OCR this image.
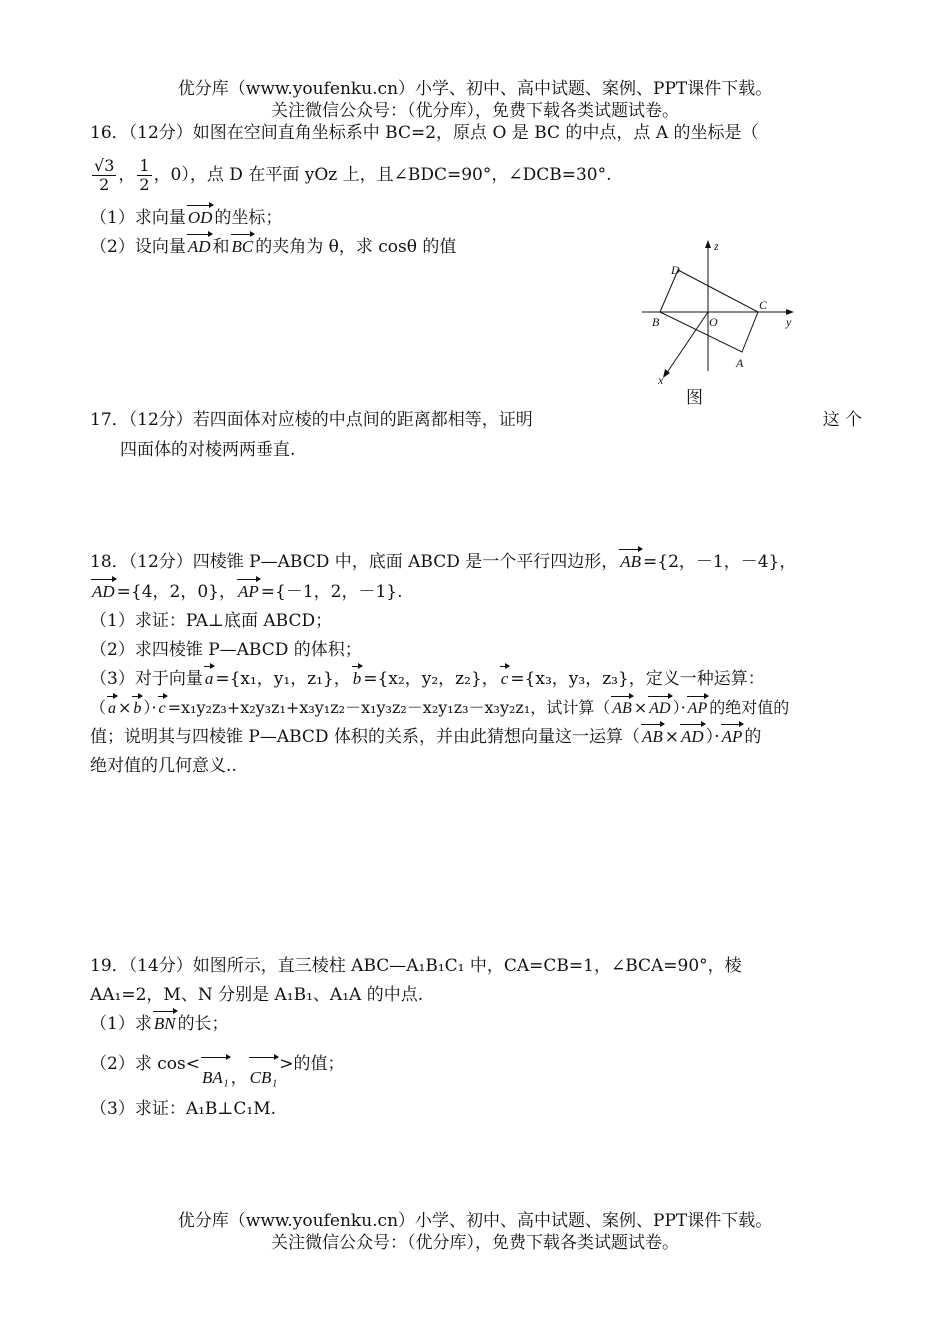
优分库（www.youfenku.cn）小学、初中、高中试题、案例、PPT课件下载。
关注微信公众号：（优分库），免费下载各类试题试卷。
16．（12分）如图在空间直角坐标系中 BC=2，原点 O 是 BC 的中点，点 A 的坐标是（
$\frac{√3}{2}$ ， $\frac{1}{2}$ ，0），点 D 在平面 yOz 上，且∠BDC=90°，∠DCB=30°.
（1）求向量 OD 的坐标；
（2）设向量 AD 和 BC 的夹角为 θ，求 cosθ 的值	z
y
x
D
C
B	O
A
图
17．（12分）若四面体对应棱的中点间的距离都相等，证明	这 个
四面体的对棱两两垂直.
18．（12分）四棱锥 P—ABCD 中，底面 ABCD 是一个平行四边形， AB ={2，－1，－4}，
AD ={4，2，0}， AP ={－1，2，－1}.
（1）求证：PA⊥底面 ABCD；
（2）求四棱锥 P—ABCD 的体积；
（3）对于向量 a ={x₁，y₁，z₁}， b ={x₂，y₂，z₂}， c ={x₃，y₃，z₃}，定义一种运算：
（ a × b ）· c =x₁y₂z₃+x₂y₃z₁+x₃y₁z₂－x₁y₃z₂－x₂y₁z₃－x₃y₂z₁，试计算（ AB × AD ）· AP 的绝对值的
值；说明其与四棱锥 P—ABCD 体积的关系，并由此猜想向量这一运算（ AB × AD ）· AP 的
绝对值的几何意义..
19．（14分）如图所示，直三棱柱 ABC—A₁B₁C₁ 中，CA=CB=1，∠BCA=90°，棱
AA₁=2，M、N 分别是 A₁B₁、A₁A 的中点.
（1）求 BN 的长；
（2）求 cos<BA₁ ， CB₁>的值；
（3）求证：A₁B⊥C₁M.
优分库（www.youfenku.cn）小学、初中、高中试题、案例、PPT课件下载。
关注微信公众号：（优分库），免费下载各类试题试卷。
